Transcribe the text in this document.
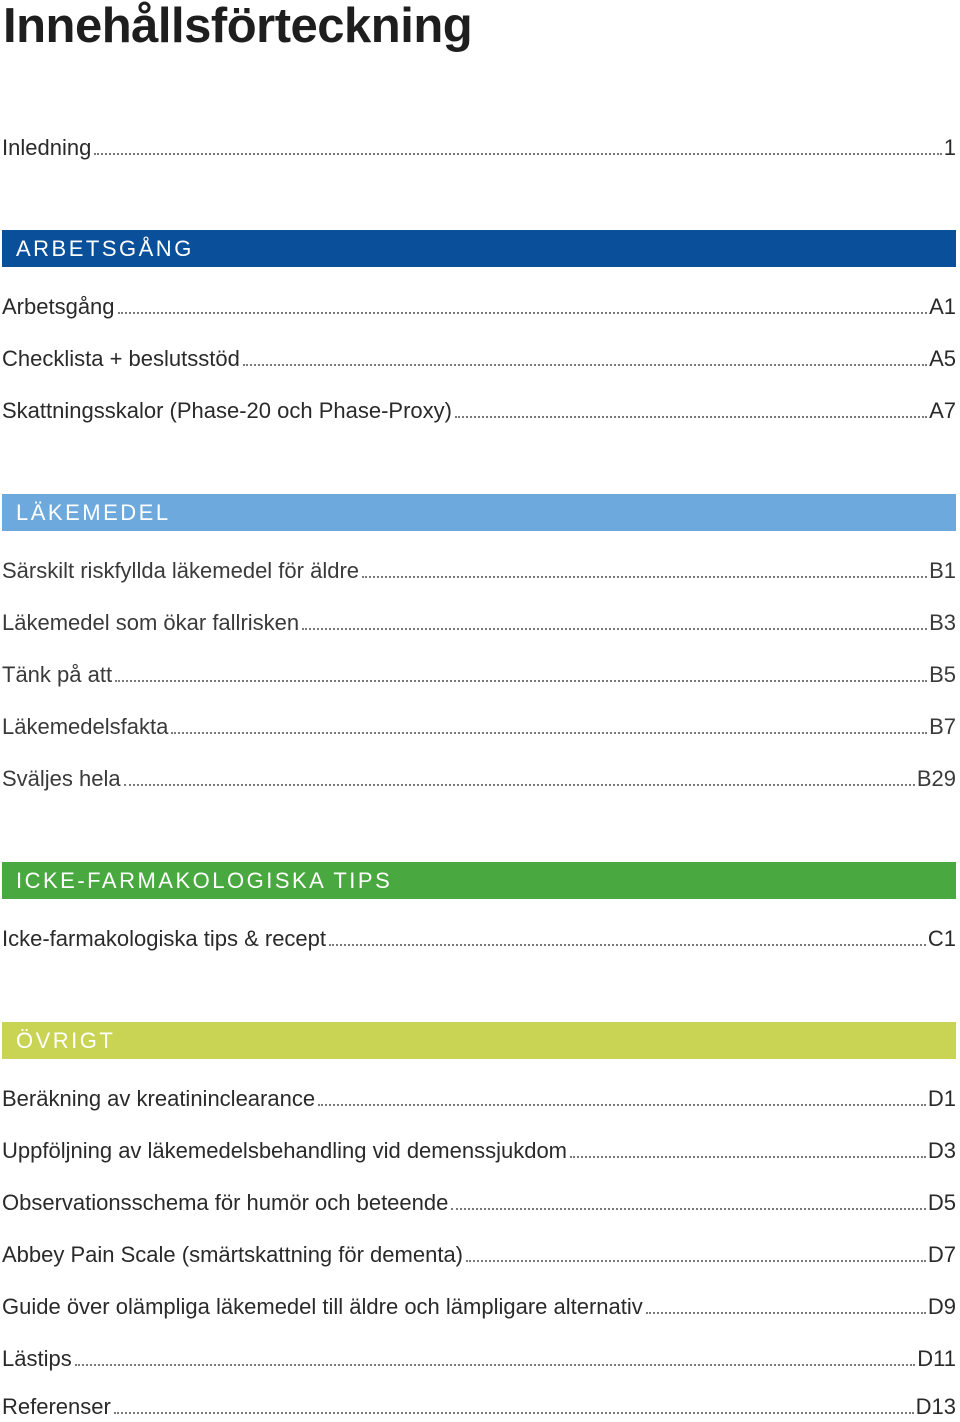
Innehållsförteckning
Inledning	1
ARBETSGÅNG
Arbetsgång	A1
Checklista + beslutsstöd	A5
Skattningsskalor (Phase-20 och Phase-Proxy)	A7
LÄKEMEDEL
Särskilt riskfyllda läkemedel för äldre	B1
Läkemedel som ökar fallrisken	B3
Tänk på att	B5
Läkemedelsfakta	B7
Sväljes hela	B29
ICKE-FARMAKOLOGISKA TIPS
Icke-farmakologiska tips & recept	C1
ÖVRIGT
Beräkning av kreatininclearance	D1
Uppföljning av läkemedelsbehandling vid demenssjukdom	D3
Observationsschema för humör och beteende	D5
Abbey Pain Scale (smärtskattning för dementa)	D7
Guide över olämpliga läkemedel till äldre och lämpligare alternativ	D9
Lästips	D11
Referenser	D13
